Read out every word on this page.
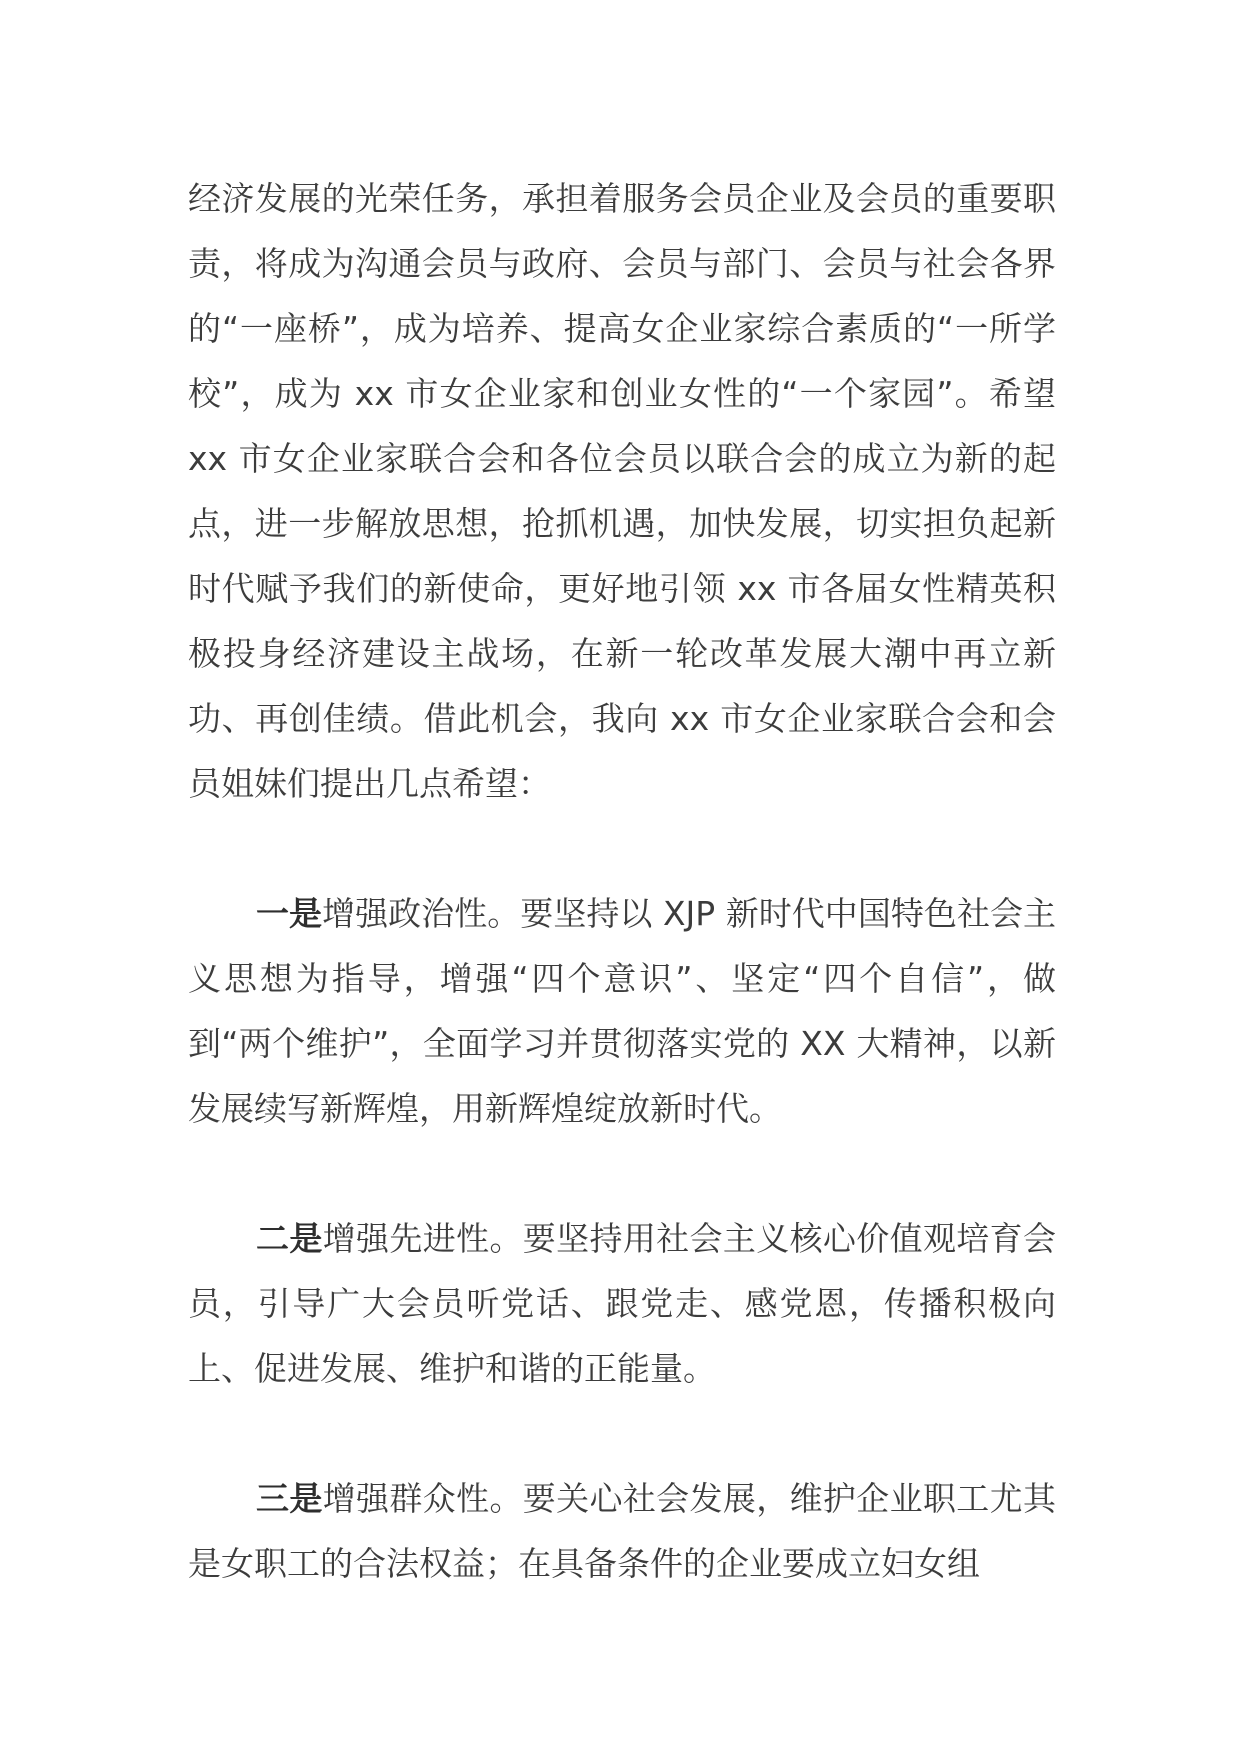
经济发展的光荣任务，承担着服务会员企业及会员的重要职责，将成为沟通会员与政府、会员与部门、会员与社会各界的“一座桥”，成为培养、提高女企业家综合素质的“一所学校”，成为 xx 市女企业家和创业女性的“一个家园”。希望 xx 市女企业家联合会和各位会员以联合会的成立为新的起点，进一步解放思想，抢抓机遇，加快发展，切实担负起新时代赋予我们的新使命，更好地引领 xx 市各届女性精英积极投身经济建设主战场，在新一轮改革发展大潮中再立新功、再创佳绩。借此机会，我向 xx 市女企业家联合会和会员姐妹们提出几点希望：

一是增强政治性。要坚持以 XJP 新时代中国特色社会主义思想为指导，增强“四个意识”、坚定“四个自信”，做到“两个维护”，全面学习并贯彻落实党的 XX 大精神，以新发展续写新辉煌，用新辉煌绽放新时代。

二是增强先进性。要坚持用社会主义核心价值观培育会员，引导广大会员听党话、跟党走、感党恩，传播积极向上、促进发展、维护和谐的正能量。

三是增强群众性。要关心社会发展，维护企业职工尤其是女职工的合法权益；在具备条件的企业要成立妇女组
